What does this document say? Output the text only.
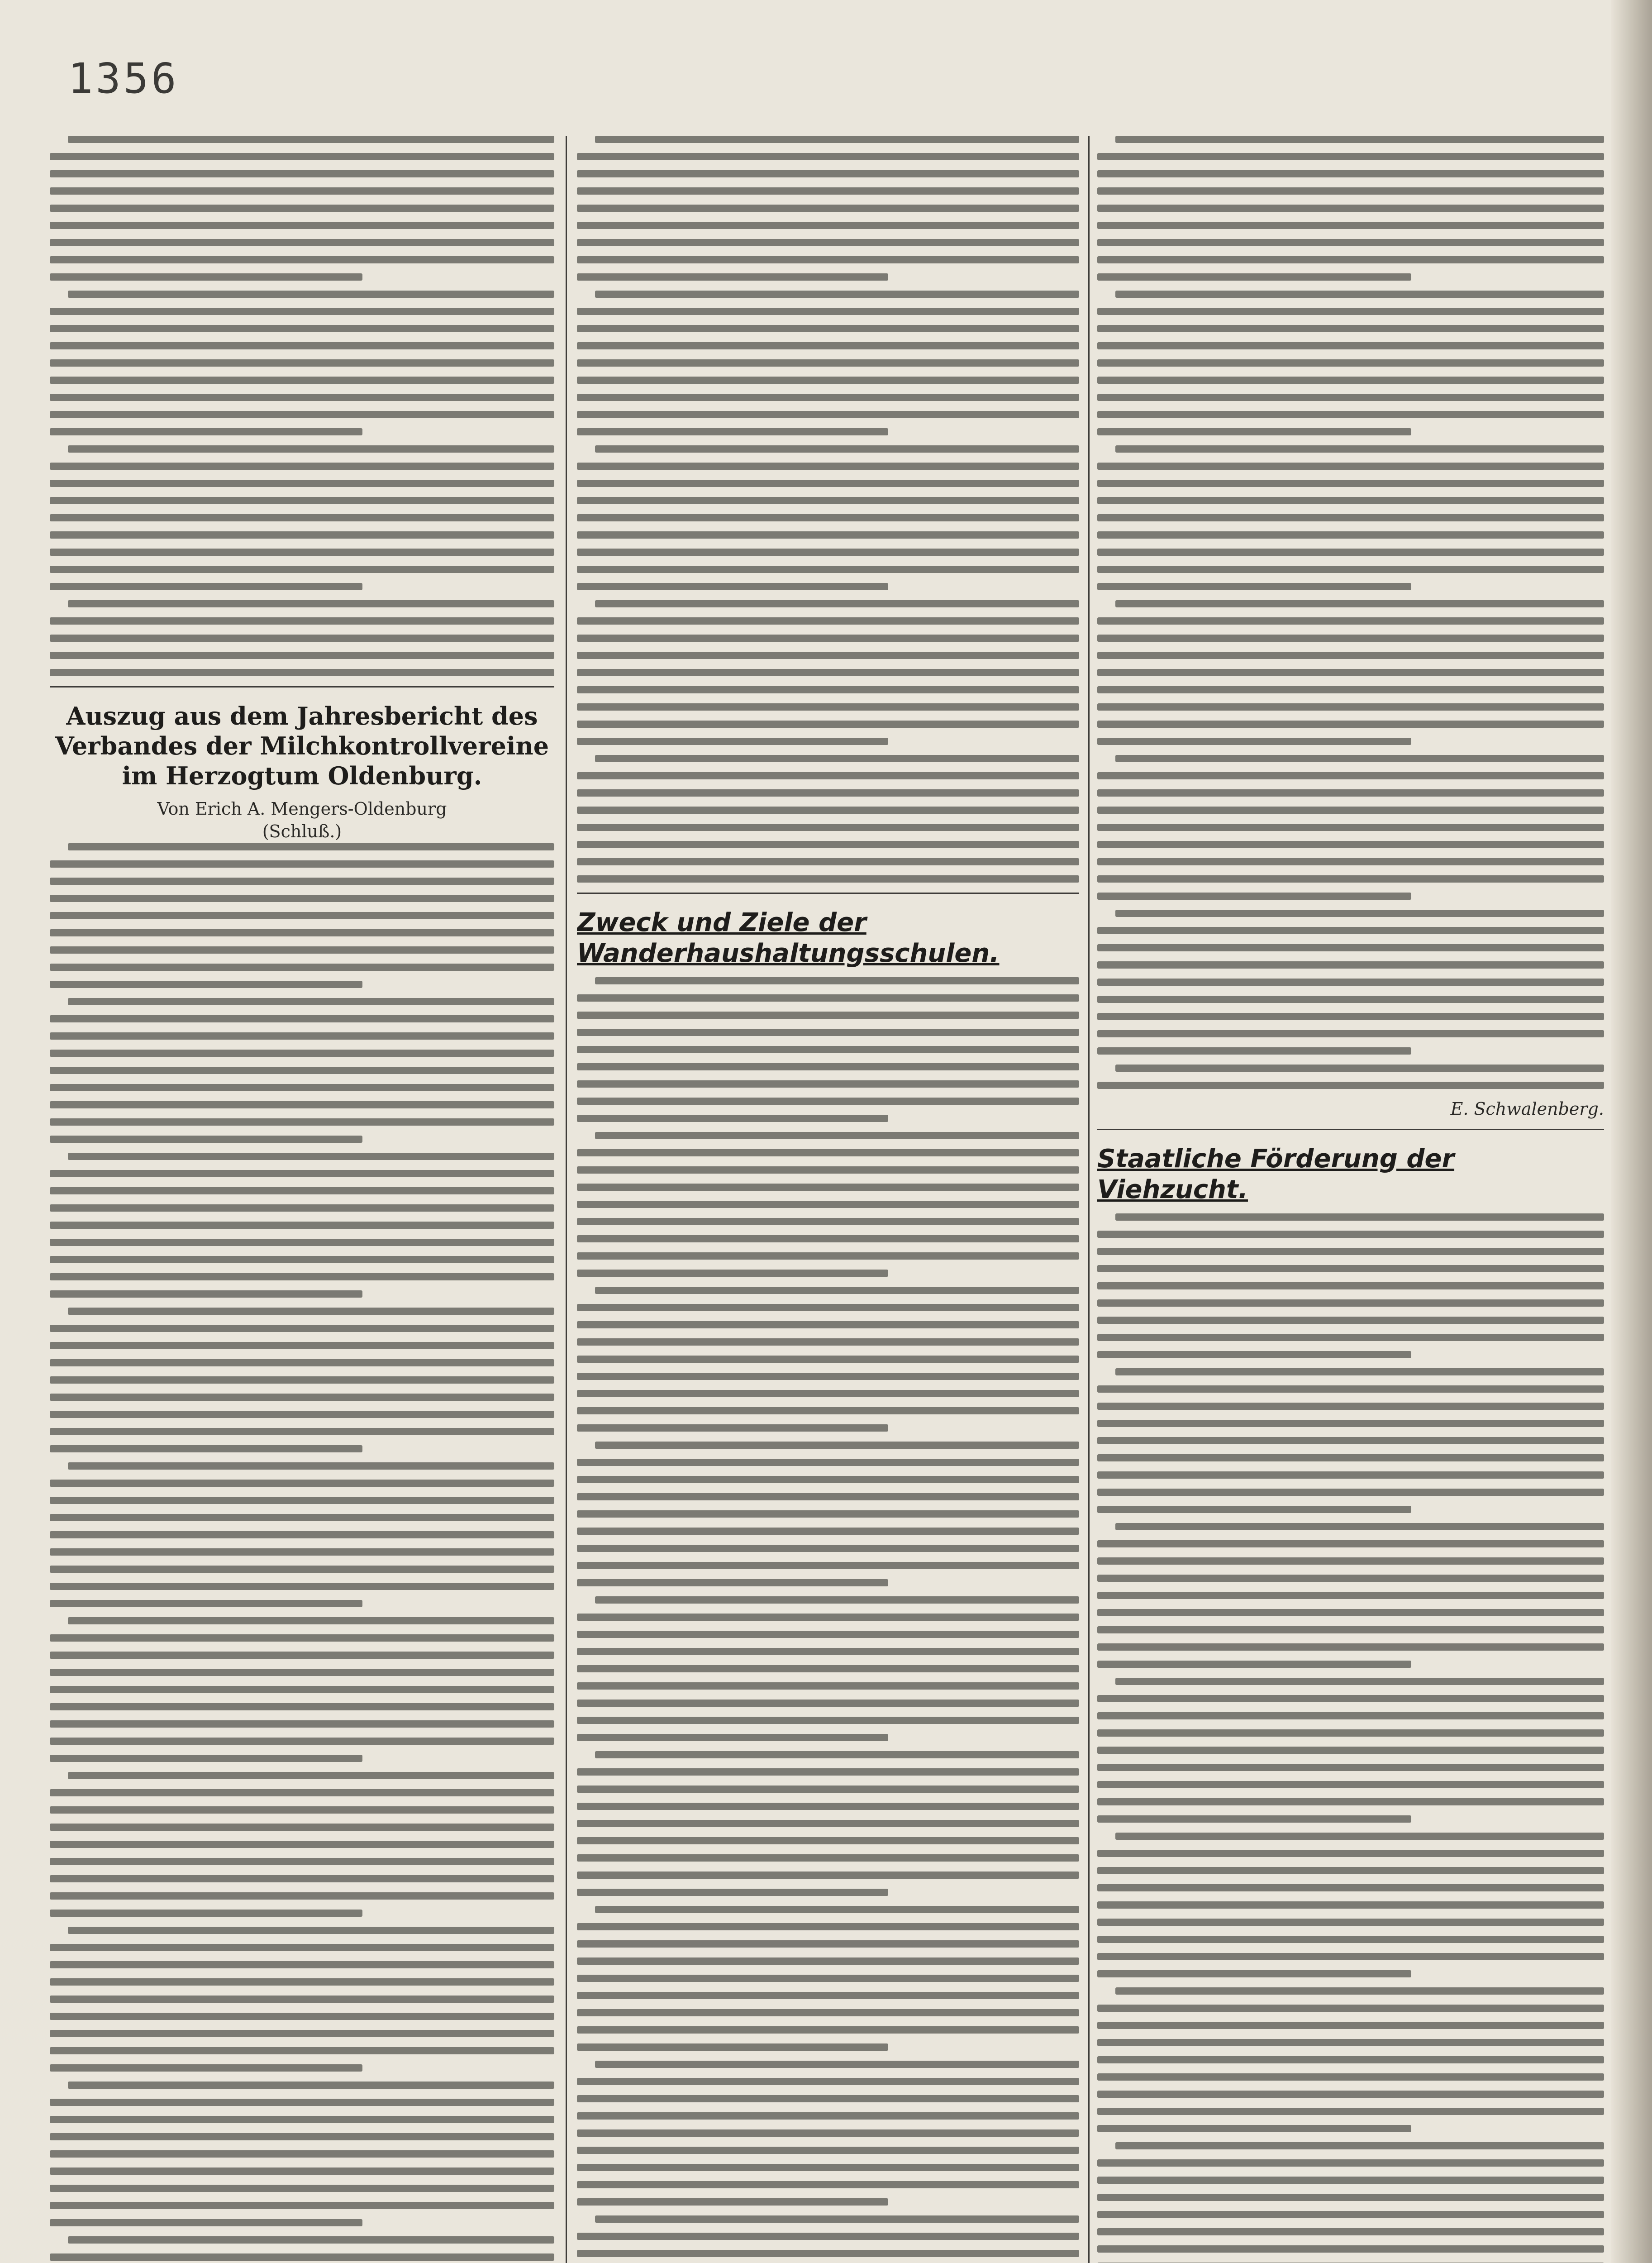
1356
Auszug aus dem Jahresbericht des Verbandes der Milchkontrollvereine im Herzogtum Oldenburg.
Von Erich A. Mengers-Oldenburg
(Schluß.)
Zweck und Ziele der Wanderhaushaltungsschulen.
E. Schwalenberg.
Staatliche Förderung der Viehzucht.
